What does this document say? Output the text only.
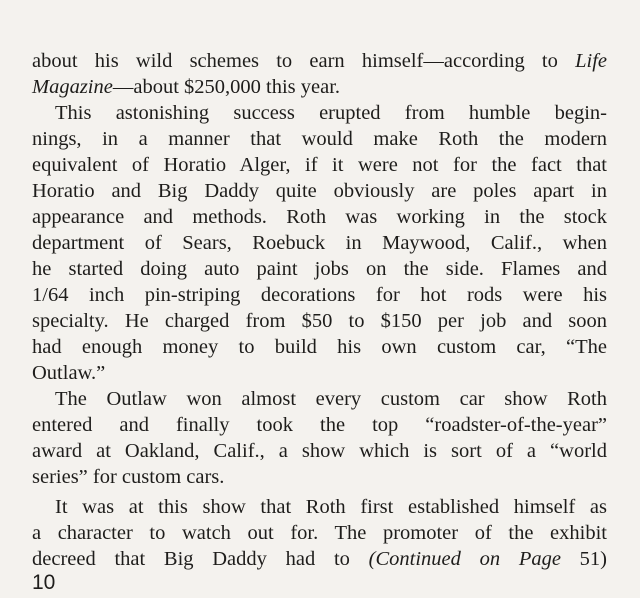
about his wild schemes to earn himself—according to Life
Magazine—about $250,000 this year.
This astonishing success erupted from humble begin-
nings, in a manner that would make Roth the modern
equivalent of Horatio Alger, if it were not for the fact that
Horatio and Big Daddy quite obviously are poles apart in
appearance and methods. Roth was working in the stock
department of Sears, Roebuck in Maywood, Calif., when
he started doing auto paint jobs on the side. Flames and
1/64 inch pin-striping decorations for hot rods were his
specialty. He charged from $50 to $150 per job and soon
had enough money to build his own custom car, “The
Outlaw.”
The Outlaw won almost every custom car show Roth
entered and finally took the top “roadster-of-the-year”
award at Oakland, Calif., a show which is sort of a “world
series” for custom cars.
It was at this show that Roth first established himself as
a character to watch out for. The promoter of the exhibit
decreed that Big Daddy had to (Continued on Page 51)
10
